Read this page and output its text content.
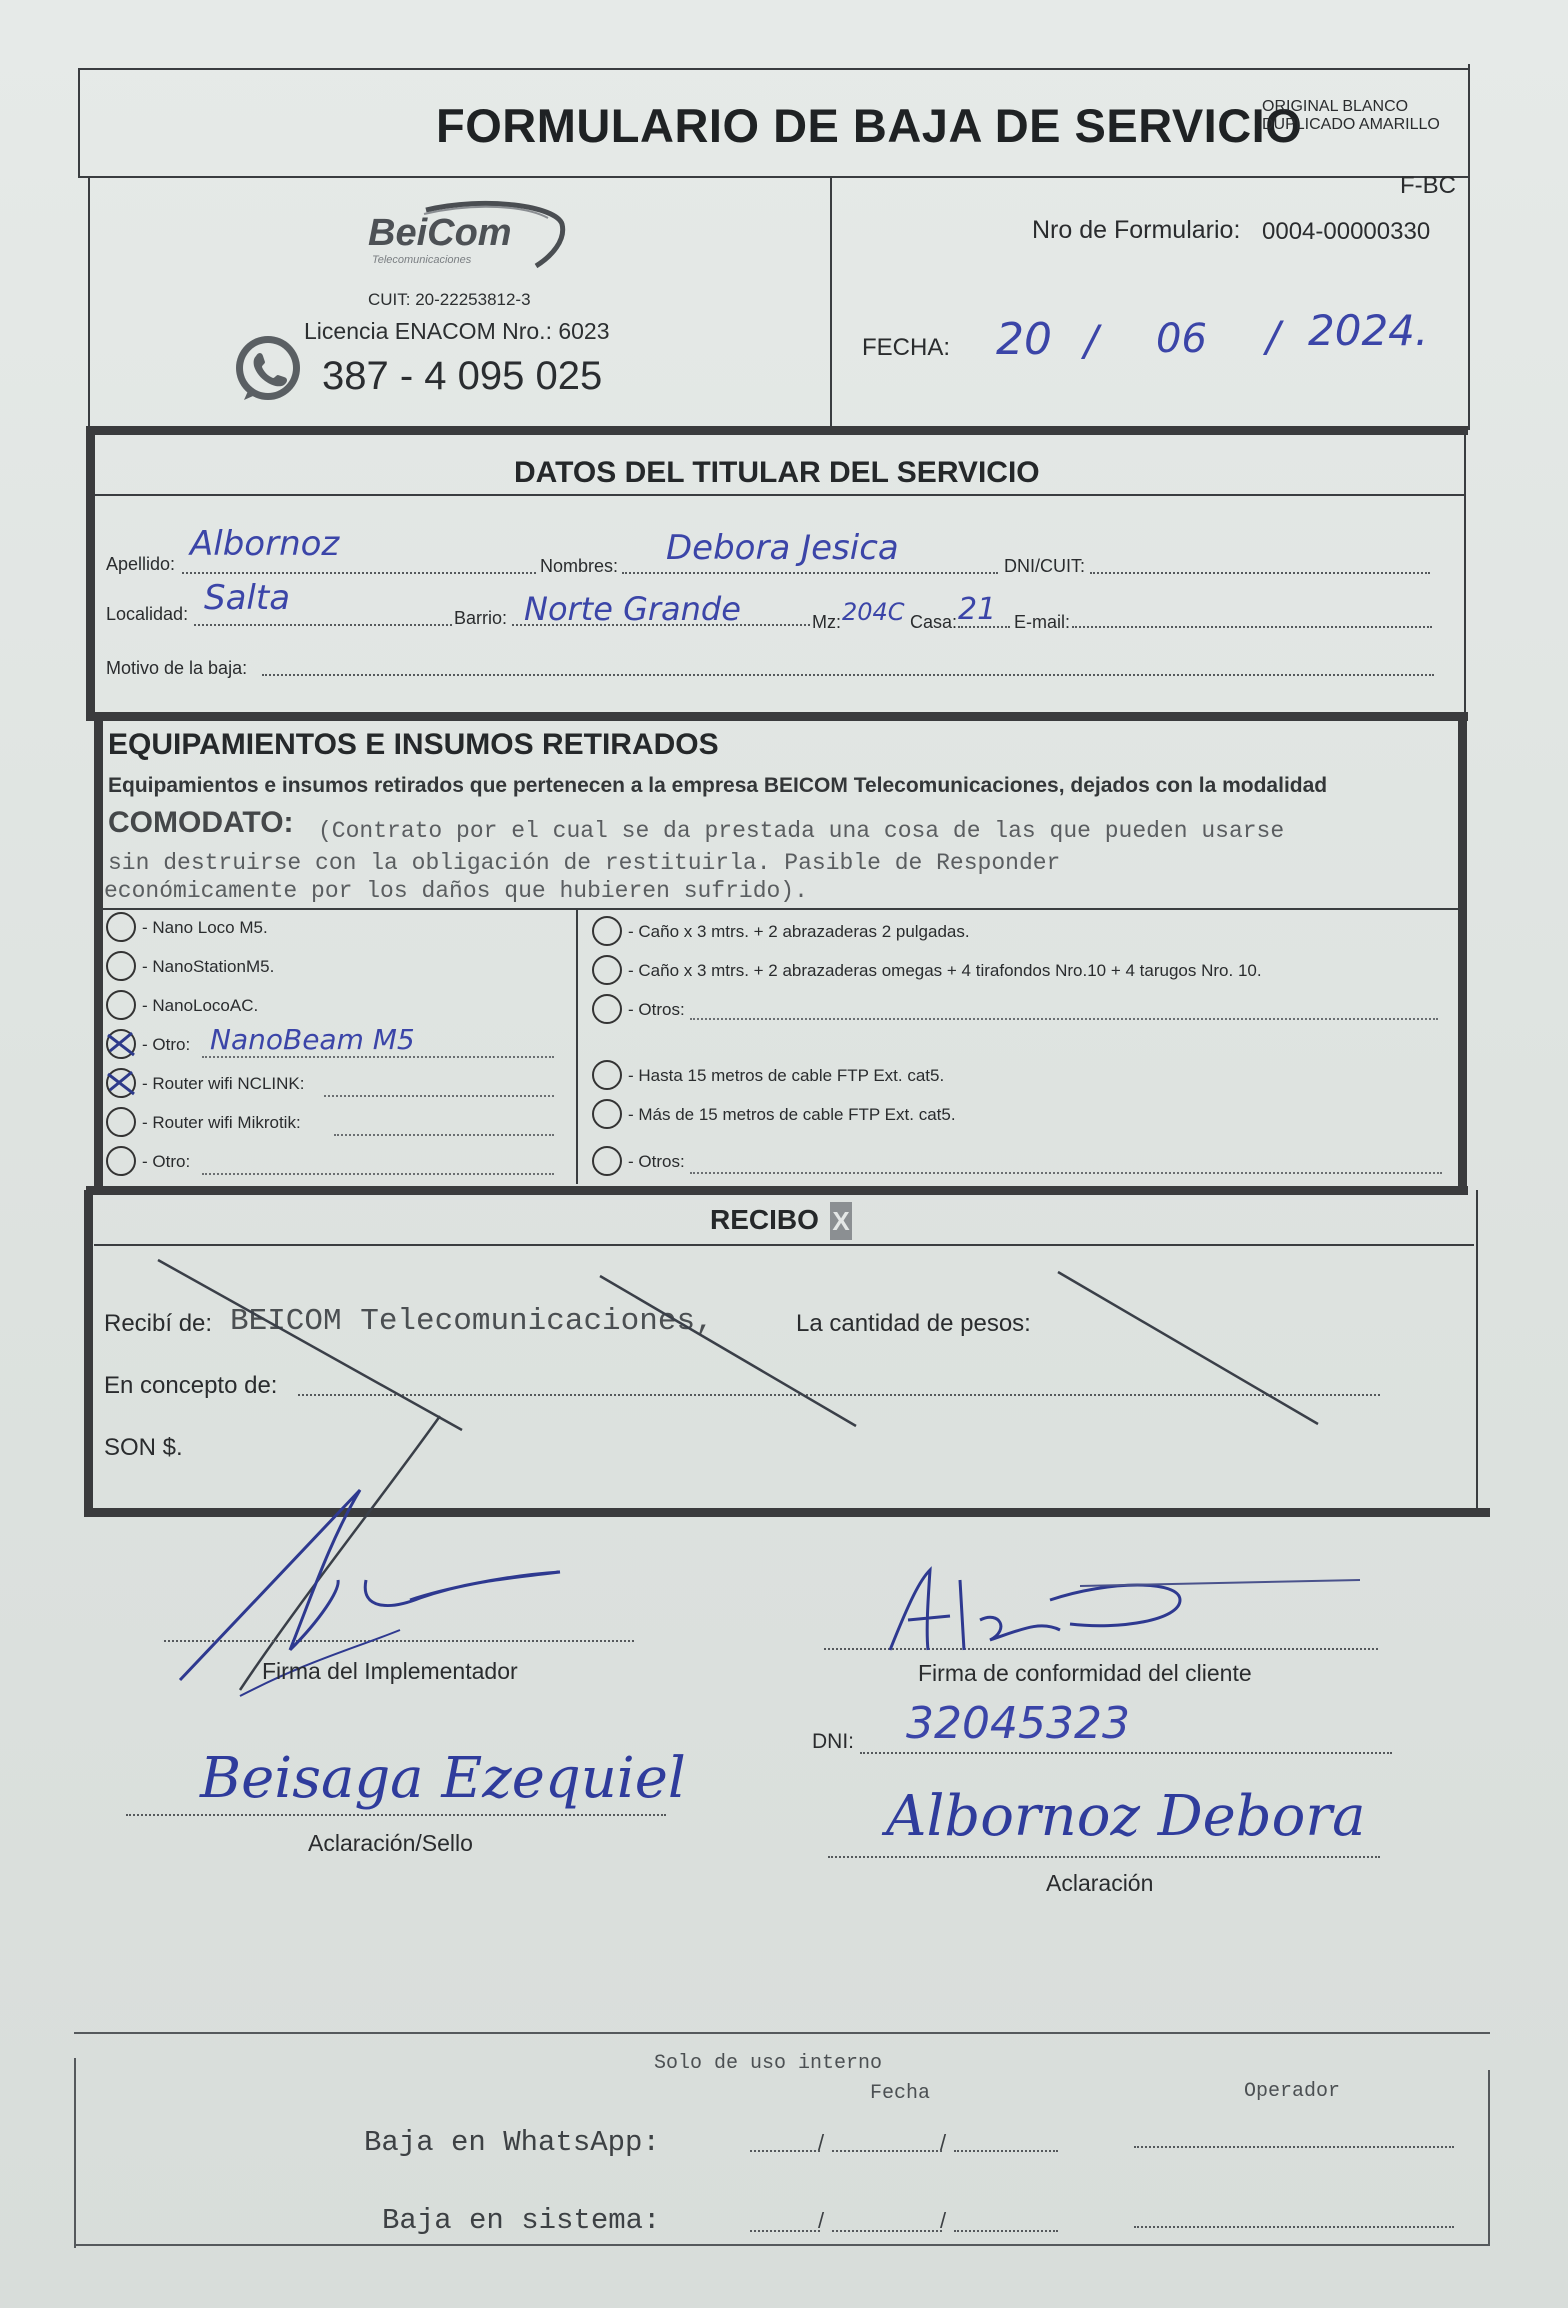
FORMULARIO DE BAJA DE SERVICIO
ORIGINAL BLANCO
DUPLICADO AMARILLO
BeiCom
Telecomunicaciones
CUIT: 20-22253812-3
Licencia ENACOM Nro.: 6023
387 - 4 095 025
F-BC
Nro de Formulario: 0004-00000330
FECHA: 20 / 06 / 2024.
DATOS DEL TITULAR DEL SERVICIO
Apellido: Albornoz
Nombres: Debora Jesica	DNI/CUIT:
Localidad: Salta	Barrio: Norte Grande	Mz: 204C Casa: 21 E-mail:
Motivo de la baja:
EQUIPAMIENTOS E INSUMOS RETIRADOS
Equipamientos e insumos retirados que pertenecen a la empresa BEICOM Telecomunicaciones, dejados con la modalidad
COMODATO: (Contrato por el cual se da prestada una cosa de las que pueden usarse
sin destruirse con la obligación de restituirla. Pasible de Responder
económicamente por los daños que hubieren sufrido).
- Nano Loco M5.
- NanoStationM5.
- NanoLocoAC.
- Otro: NanoBeam M5
- Router wifi NCLINK:
- Router wifi Mikrotik:
- Otro:
- Caño x 3 mtrs. + 2 abrazaderas 2 pulgadas.
- Caño x 3 mtrs. + 2 abrazaderas omegas + 4 tirafondos Nro.10 + 4 tarugos Nro. 10.
- Otros:
- Hasta 15 metros de cable FTP Ext. cat5.
- Más de 15 metros de cable FTP Ext. cat5.
- Otros:
RECIBO X
Recibí de: BEICOM Telecomunicaciones,	La cantidad de pesos:
En concepto de:
SON $.
Firma del Implementador	Firma de conformidad del cliente
DNI: 32045323
Beisaga Ezequiel
Aclaración/Sello	Albornoz Debora
Aclaración
Solo de uso interno
Fecha	Operador
Baja en WhatsApp:	/	/
Baja en sistema:	/	/
